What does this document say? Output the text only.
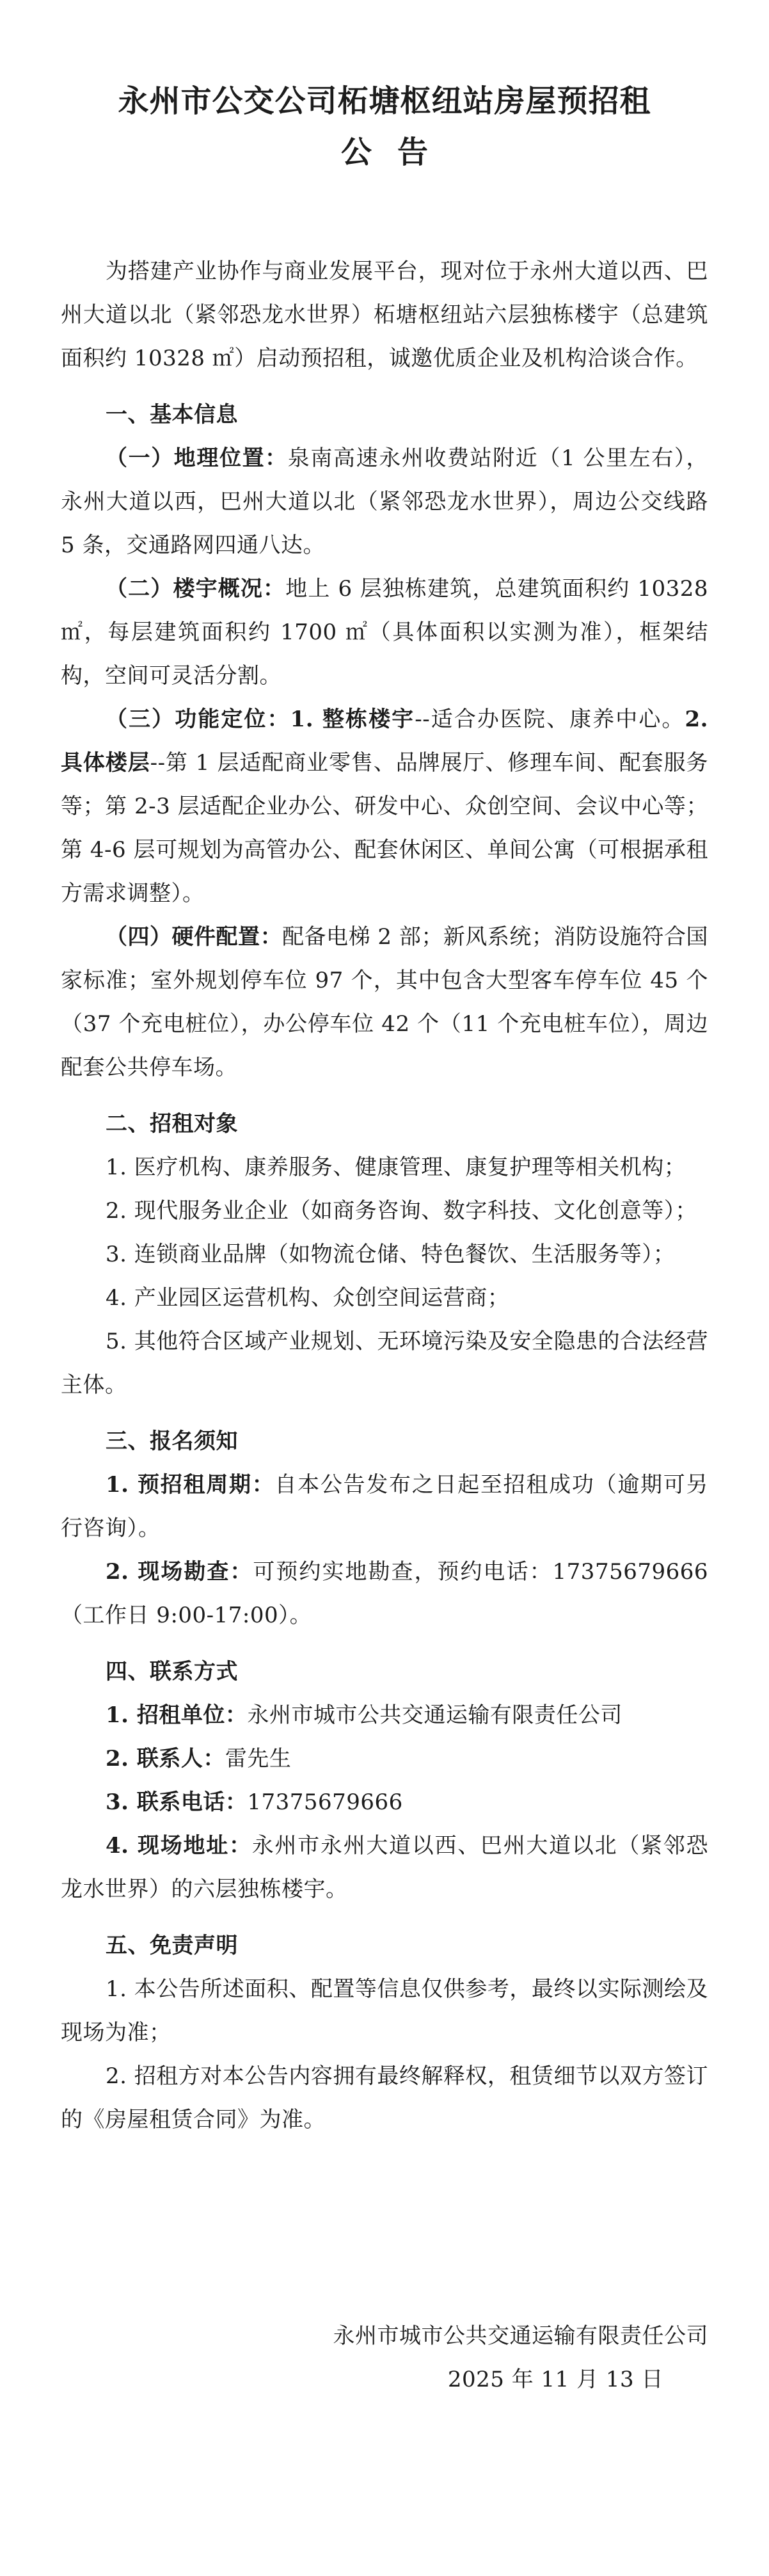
永州市公交公司柘塘枢纽站房屋预招租
公告

为搭建产业协作与商业发展平台，现对位于永州大道以西、巴州大道以北（紧邻恐龙水世界）柘塘枢纽站六层独栋楼宇（总建筑面积约 10328 ㎡）启动预招租，诚邀优质企业及机构洽谈合作。

一、基本信息

（一）地理位置：泉南高速永州收费站附近（1 公里左右），永州大道以西，巴州大道以北（紧邻恐龙水世界），周边公交线路 5 条，交通路网四通八达。

（二）楼宇概况：地上 6 层独栋建筑，总建筑面积约 10328 ㎡，每层建筑面积约 1700 ㎡（具体面积以实测为准），框架结构，空间可灵活分割。

（三）功能定位：1. 整栋楼宇--适合办医院、康养中心。2. 具体楼层--第 1 层适配商业零售、品牌展厅、修理车间、配套服务等；第 2-3 层适配企业办公、研发中心、众创空间、会议中心等；第 4-6 层可规划为高管办公、配套休闲区、单间公寓（可根据承租方需求调整）。

（四）硬件配置：配备电梯 2 部；新风系统；消防设施符合国家标准；室外规划停车位 97 个，其中包含大型客车停车位 45 个（37 个充电桩位），办公停车位 42 个（11 个充电桩车位），周边配套公共停车场。

二、招租对象

1. 医疗机构、康养服务、健康管理、康复护理等相关机构；

2. 现代服务业企业（如商务咨询、数字科技、文化创意等）；

3. 连锁商业品牌（如物流仓储、特色餐饮、生活服务等）；

4. 产业园区运营机构、众创空间运营商；

5. 其他符合区域产业规划、无环境污染及安全隐患的合法经营主体。

三、报名须知

1. 预招租周期：自本公告发布之日起至招租成功（逾期可另行咨询）。

2. 现场勘查：可预约实地勘查，预约电话：17375679666（工作日 9:00-17:00）。

四、联系方式

1. 招租单位：永州市城市公共交通运输有限责任公司

2. 联系人：雷先生

3. 联系电话：17375679666

4. 现场地址：永州市永州大道以西、巴州大道以北（紧邻恐龙水世界）的六层独栋楼宇。

五、免责声明

1. 本公告所述面积、配置等信息仅供参考，最终以实际测绘及现场为准；

2. 招租方对本公告内容拥有最终解释权，租赁细节以双方签订的《房屋租赁合同》为准。

永州市城市公共交通运输有限责任公司

2025 年 11 月 13 日
